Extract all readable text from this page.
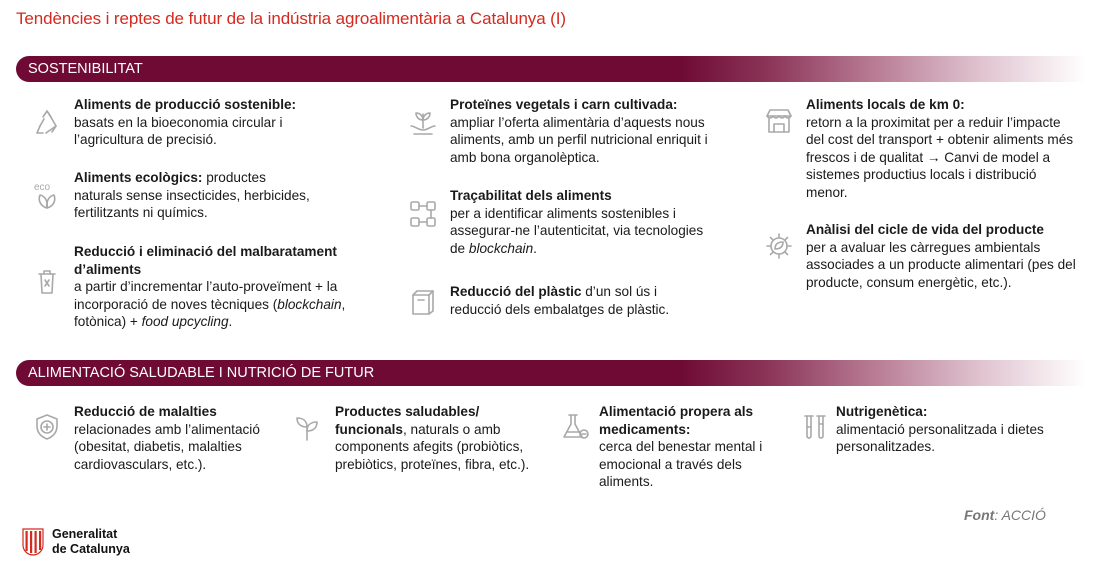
Tendències i reptes de futur de la indústria agroalimentària a Catalunya (I)
SOSTENIBILITAT
Aliments de producció sostenible:
basats en la bioeconomia circular i l’agricultura de precisió.
eco
Aliments ecològics: productes naturals sense insecticides, herbicides, fertilitzants ni químics.
Reducció i eliminació del malbaratament d’aliments
a partir d’incrementar l’auto-proveïment + la incorporació de noves tècniques (blockchain, fotònica) + food upcycling.
Proteïnes vegetals i carn cultivada:
ampliar l’oferta alimentària d’aquests nous aliments, amb un perfil nutricional enriquit i amb bona organolèptica.
Traçabilitat dels aliments
per a identificar aliments sostenibles i assegurar-ne l’autenticitat, via tecnologies de blockchain.
Reducció del plàstic d’un sol ús i reducció dels embalatges de plàstic.
Aliments locals de km 0:
retorn a la proximitat per a reduir l’impacte del cost del transport + obtenir aliments més frescos i de qualitat → Canvi de model a sistemes productius locals i distribució menor.
Anàlisi del cicle de vida del producte
per a avaluar les càrregues ambientals associades a un producte alimentari (pes del producte, consum energètic, etc.).
ALIMENTACIÓ SALUDABLE I NUTRICIÓ DE FUTUR
Reducció de malalties
relacionades amb l’alimentació (obesitat, diabetis, malalties cardiovasculars, etc.).
Productes saludables/ funcionals, naturals o amb components afegits (probiòtics, prebiòtics, proteïnes, fibra, etc.).
Alimentació propera als medicaments:
cerca del benestar mental i emocional a través dels aliments.
Nutrigenètica:
alimentació personalitzada i dietes personalitzades.
Font: ACCIÓ
Generalitat
de Catalunya
